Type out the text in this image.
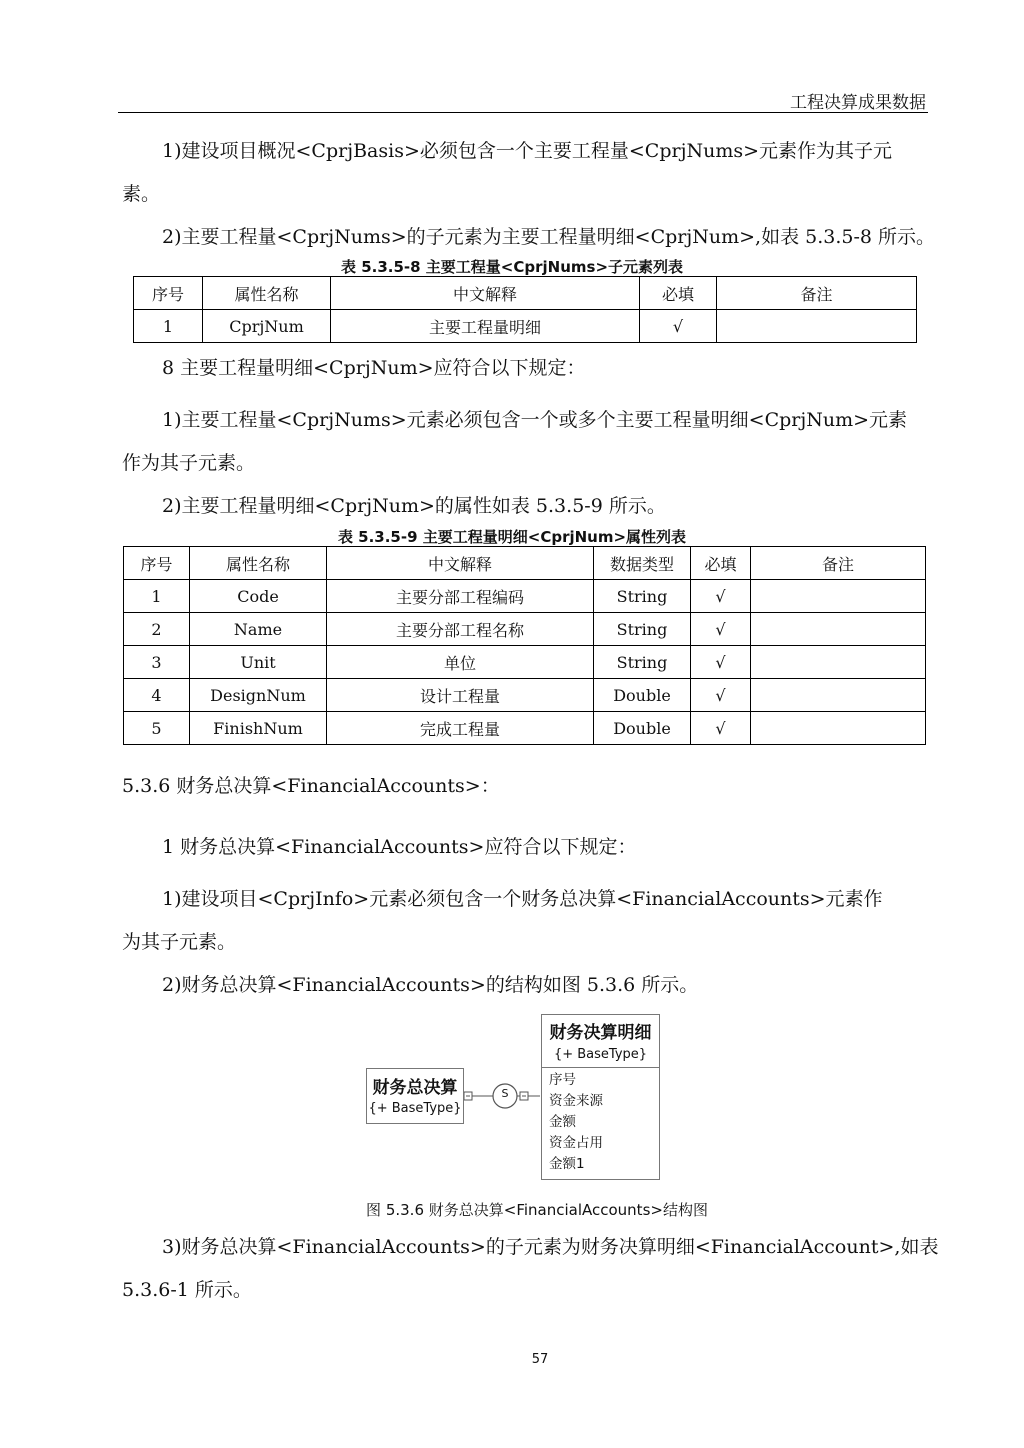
工程决算成果数据
1)建设项目概况<CprjBasis>必须包含一个主要工程量<CprjNums>元素作为其子元
素。
2)主要工程量<CprjNums>的子元素为主要工程量明细<CprjNum>,如表 5.3.5-8 所示。
表 5.3.5-8 主要工程量<CprjNums>子元素列表
序号	属性名称	中文解释	必填	备注
1	CprjNum	主要工程量明细	√	
8 主要工程量明细<CprjNum>应符合以下规定：
1)主要工程量<CprjNums>元素必须包含一个或多个主要工程量明细<CprjNum>元素
作为其子元素。
2)主要工程量明细<CprjNum>的属性如表 5.3.5-9 所示。
表 5.3.5-9 主要工程量明细<CprjNum>属性列表
序号	属性名称	中文解释	数据类型	必填	备注
1	Code	主要分部工程编码	String	√	
2	Name	主要分部工程名称	String	√	
3	Unit	单位	String	√	
4	DesignNum	设计工程量	Double	√	
5	FinishNum	完成工程量	Double	√	
5.3.6 财务总决算<FinancialAccounts>：
1 财务总决算<FinancialAccounts>应符合以下规定：
1)建设项目<CprjInfo>元素必须包含一个财务总决算<FinancialAccounts>元素作
为其子元素。
2)财务总决算<FinancialAccounts>的结构如图 5.3.6 所示。
S
财务总决算
{+ BaseType}
财务决算明细
{+ BaseType}
序号
资金来源
金额
资金占用
金额1
图 5.3.6 财务总决算<FinancialAccounts>结构图
3)财务总决算<FinancialAccounts>的子元素为财务决算明细<FinancialAccount>,如表
5.3.6-1 所示。
57
